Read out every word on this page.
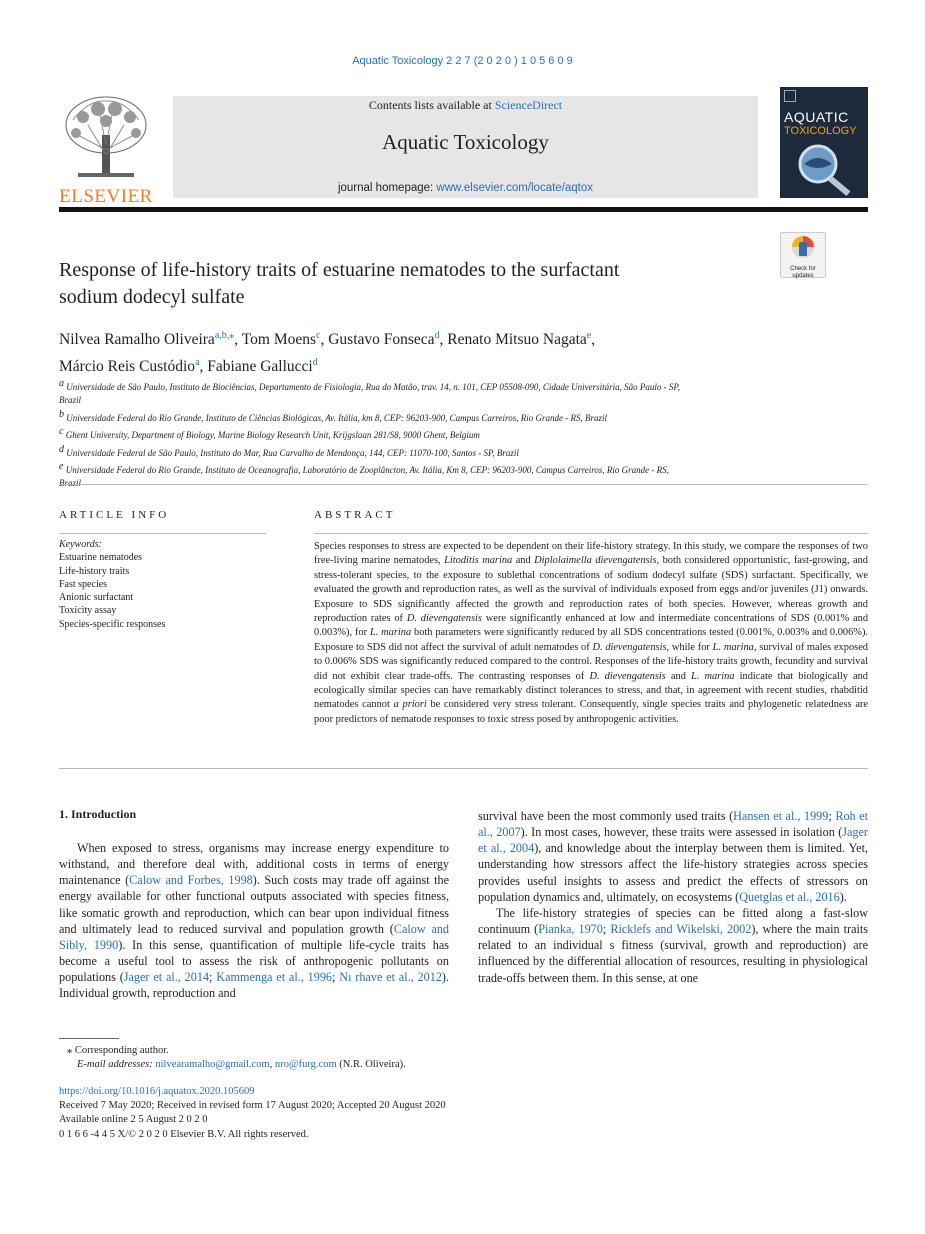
Aquatic Toxicology 2 2 7 (2 0 2 0 ) 1 0 5 6 0 9
ELSEVIER
Contents lists available at ScienceDirect
Aquatic Toxicology
journal homepage: www.elsevier.com/locate/aqtox
AQUATIC
TOXICOLOGY
Check for
updates
Response of life-history traits of estuarine nematodes to the surfactant
sodium dodecyl sulfate
Nilvea Ramalho Oliveira$^{a,b,⁎}$, Tom Moens$^c$, Gustavo Fonseca$^d$, Renato Mitsuo Nagata$^e$,
Márcio Reis Custódio$^a$, Fabiane Gallucci$^d$
$^a$ Universidade de São Paulo, Instituto de Biociências, Departamento de Fisiologia, Rua do Matão, trav. 14, n. 101, CEP 05508-090, Cidade Universitária, São Paulo - SP,
Brazil
$^b$ Universidade Federal do Rio Grande, Instituto de Ciências Biológicas, Av. Itália, km 8, CEP: 96203-900, Campus Carreiros, Rio Grande - RS, Brazil
$^c$ Ghent University, Department of Biology, Marine Biology Research Unit, Krijgslaan 281/S8, 9000 Ghent, Belgium
$^d$ Universidade Federal de São Paulo, Instituto do Mar, Rua Carvalho de Mendonça, 144, CEP: 11070-100, Santos - SP, Brazil
$^e$ Universidade Federal do Rio Grande, Instituto de Oceanografia, Laboratório de Zooplâncton, Av. Itália, Km 8, CEP: 96203-900, Campus Carreiros, Rio Grande - RS,

ARTICLE INFO
Keywords:
Estuarine nematodes
Life-history traits
Fast species
Anionic surfactant
Toxicity assay
Species-specific responses
ABSTRACT
Species responses to stress are expected to be dependent on their life-history strategy. In this study, we compare the responses of two free-living marine nematodes, Litoditis marina and Diplolaimella dievengatensis, both considered opportunistic, fast-growing, and stress-tolerant species, to the exposure to sublethal concentrations of sodium dodecyl sulfate (SDS) surfactant. Specifically, we evaluated the growth and reproduction rates, as well as the survival of individuals exposed from eggs and/or juveniles (J1) onwards. Exposure to SDS significantly affected the growth and reproduction rates of both species. However, whereas growth and reproduction rates of D. dievengatensis were significantly enhanced at low and intermediate concentrations of SDS (0.001% and 0.003%), for L. marina both parameters were significantly reduced by all SDS concentrations tested (0.001%, 0.003% and 0.006%). Exposure to SDS did not affect the survival of adult nematodes of D. dievengatensis, while for L. marina, survival of males exposed to 0.006% SDS was significantly reduced compared to the control. Responses of the life-history traits growth, fecundity and survival did not exhibit clear trade-offs. The contrasting responses of D. dievengatensis and L. marina indicate that biologically and ecologically similar species can have remarkably distinct tolerances to stress, and that, in agreement with recent studies, rhabditid nematodes cannot a priori be considered very stress tolerant. Consequently, single species traits and phylogenetic relatedness are poor predictors of nematode responses to toxic stress posed by anthropogenic activities.
1. Introduction

When exposed to stress, organisms may increase energy expenditure to withstand, and therefore deal with, additional costs in terms of energy maintenance (Calow and Forbes, 1998). Such costs may trade off against the energy available for other functional outputs associated with species fitness, like somatic growth and reproduction, which can bear upon individual fitness and ultimately lead to reduced survival and population growth (Calow and Sibly, 1990). In this sense, quantification of multiple life-cycle traits has become a useful tool to assess the risk of anthropogenic pollutants on populations (Jager et al., 2014; Kammenga et al., 1996; Nı rhave et al., 2012). Individual growth, reproduction and

survival have been the most commonly used traits (Hansen et al., 1999; Roh et al., 2007). In most cases, however, these traits were assessed in isolation (Jager et al., 2004), and knowledge about the interplay between them is limited. Yet, understanding how stressors affect the life-history strategies across species provides useful insights to assess and predict the effects of stressors on population dynamics and, ultimately, on ecosystems (Quetglas et al., 2016).

The life-history strategies of species can be fitted along a fast-slow continuum (Pianka, 1970; Ricklefs and Wikelski, 2002), where the main traits related to an individual s fitness (survival, growth and reproduction) are influenced by the differential allocation of resources, resulting in physiological trade-offs between them. In this sense, at one

⁎ Corresponding author.
E-mail addresses: nilvearamalho@gmail.com, nro@furg.com (N.R. Oliveira).
https://doi.org/10.1016/j.aquatox.2020.105609
Received 7 May 2020; Received in revised form 17 August 2020; Accepted 20 August 2020
Available online 2 5 August 2 0 2 0
0 1 6 6 -4 4 5 X/© 2 0 2 0 Elsevier B.V. All rights reserved.
